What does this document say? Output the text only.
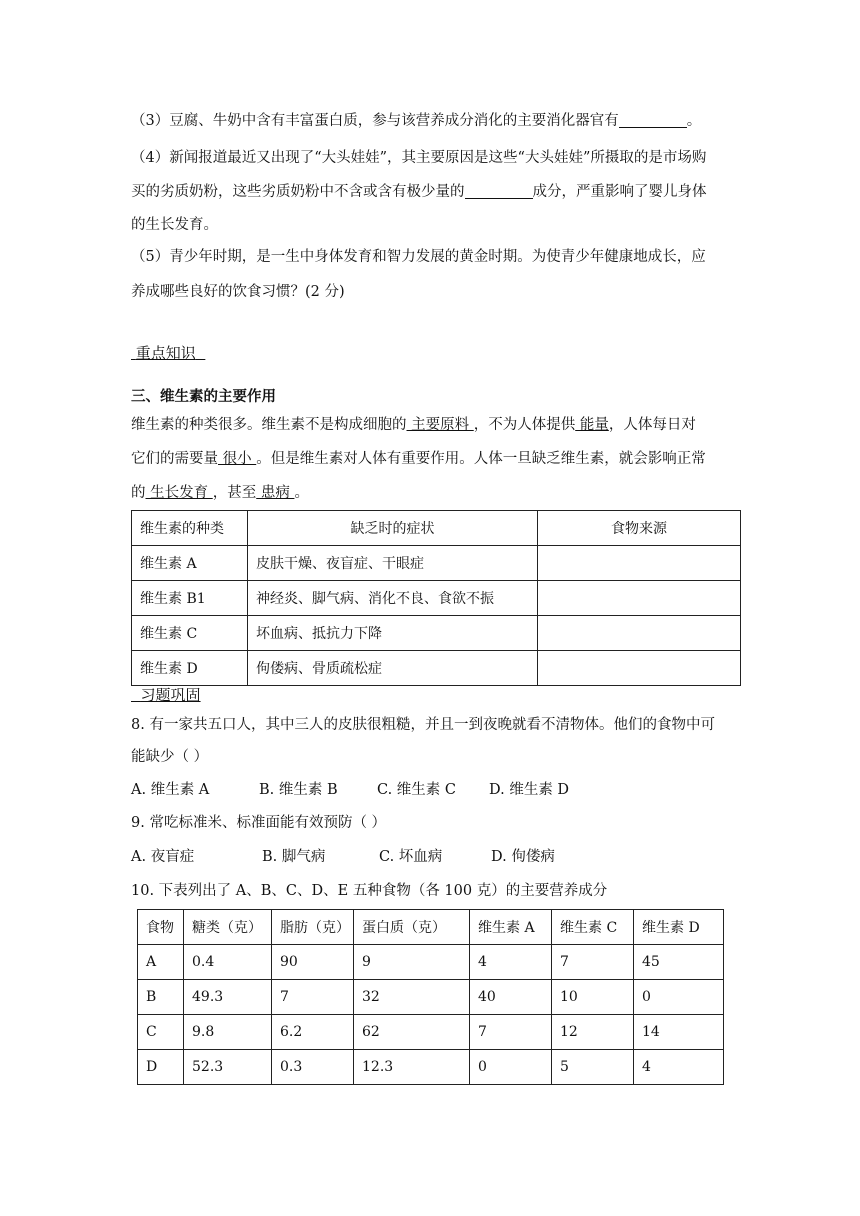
（3）豆腐、牛奶中含有丰富蛋白质，参与该营养成分消化的主要消化器官有	。
（4）新闻报道最近又出现了“大头娃娃”，其主要原因是这些“大头娃娃”所摄取的是市场购
买的劣质奶粉，这些劣质奶粉中不含或含有极少量的	成分，严重影响了婴儿身体
的生长发育。
（5）青少年时期，是一生中身体发育和智力发展的黄金时期。为使青少年健康地成长，应
养成哪些良好的饮食习惯？(2 分)
重点知识
三、维生素的主要作用
维生素的种类很多。维生素不是构成细胞的 主要原料 ，不为人体提供 能量，人体每日对
它们的需要量 很小 。但是维生素对人体有重要作用。人体一旦缺乏维生素，就会影响正常
的 生长发育 ，甚至 患病 。
维生素的种类	缺乏时的症状	食物来源
维生素 A	皮肤干燥、夜盲症、干眼症	
维生素 B1	神经炎、脚气病、消化不良、食欲不振	
维生素 C	坏血病、抵抗力下降	
维生素 D	佝偻病、骨质疏松症	
习题巩固
8. 有一家共五口人，其中三人的皮肤很粗糙，并且一到夜晚就看不清物体。他们的食物中可
能缺少（ ）
A. 维生素 A	B. 维生素 B	C. 维生素 C D. 维生素 D
9. 常吃标准米、标准面能有效预防（ ）
A. 夜盲症	B. 脚气病	C. 坏血病	D. 佝偻病
10. 下表列出了 A、B、C、D、E 五种食物（各 100 克）的主要营养成分
食物	糖类（克）	脂肪（克）	蛋白质（克）	维生素 A	维生素 C	维生素 D
A	0.4	90	9	4	7	45
B	49.3	7	32	40	10	0
C	9.8	6.2	62	7	12	14
D	52.3	0.3	12.3	0	5	4
